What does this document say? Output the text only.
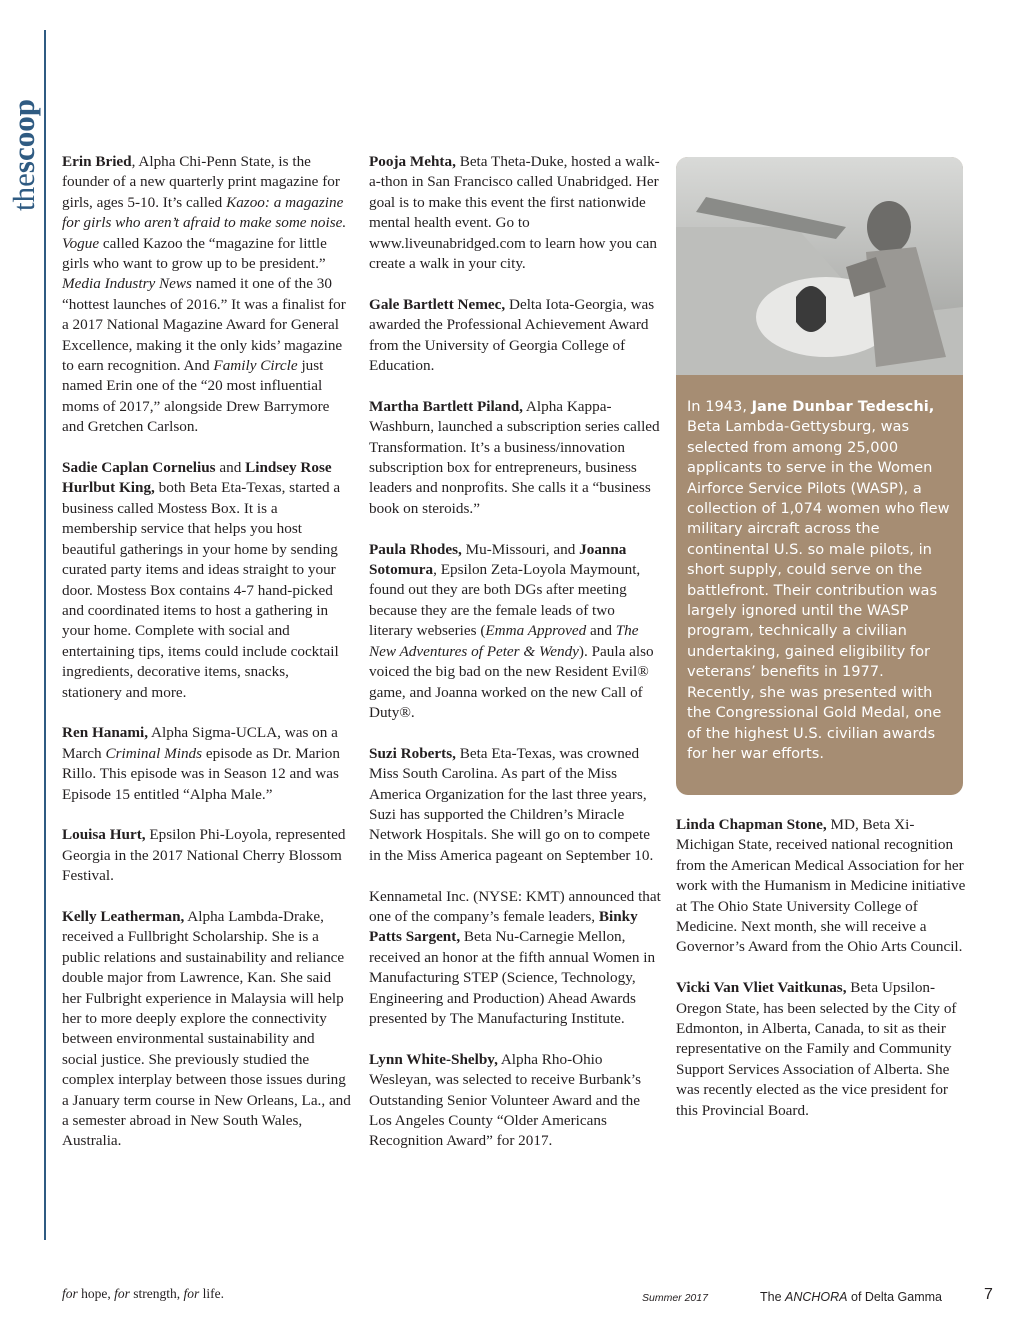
thescoop Erin Bried, Alpha Chi-Penn State, is the founder of a new quarterly print magazine for girls, ages 5-10. It’s called Kazoo: a magazine for girls who aren’t afraid to make some noise. Vogue called Kazoo the “magazine for little girls who want to grow up to be president.” Media Industry News named it one of the 30 “hottest launches of 2016.” It was a finalist for a 2017 National Magazine Award for General Excellence, making it the only kids’ magazine to earn recognition. And Family Circle just named Erin one of the “20 most influential moms of 2017,” alongside Drew Barrymore and Gretchen Carlson.

Sadie Caplan Cornelius and Lindsey Rose Hurlbut King, both Beta Eta-Texas, started a business called Mostess Box. It is a membership service that helps you host beautiful gatherings in your home by sending curated party items and ideas straight to your door. Mostess Box contains 4-7 hand-picked and coordinated items to host a gathering in your home. Complete with social and entertaining tips, items could include cocktail ingredients, decorative items, snacks, stationery and more.

Ren Hanami, Alpha Sigma-UCLA, was on a March Criminal Minds episode as Dr. Marion Rillo. This episode was in Season 12 and was Episode 15 entitled “Alpha Male.”

Louisa Hurt, Epsilon Phi-Loyola, represented Georgia in the 2017 National Cherry Blossom Festival.

Kelly Leatherman, Alpha Lambda-Drake, received a Fullbright Scholarship. She is a public relations and sustainability and reliance double major from Lawrence, Kan. She said her Fulbright experience in Malaysia will help her to more deeply explore the connectivity between environmental sustainability and social justice. She previously studied the complex interplay between those issues during a January term course in New Orleans, La., and a semester abroad in New South Wales, Australia.

Pooja Mehta, Beta Theta-Duke, hosted a walk-a-thon in San Francisco called Unabridged. Her goal is to make this event the first nationwide mental health event. Go to www.liveunabridged.com to learn how you can create a walk in your city.

Gale Bartlett Nemec, Delta Iota-Georgia, was awarded the Professional Achievement Award from the University of Georgia College of Education.

Martha Bartlett Piland, Alpha Kappa-Washburn, launched a subscription series called Transformation. It’s a business/innovation subscription box for entrepreneurs, business leaders and nonprofits. She calls it a “business book on steroids.”

Paula Rhodes, Mu-Missouri, and Joanna Sotomura, Epsilon Zeta-Loyola Maymount, found out they are both DGs after meeting because they are the female leads of two literary webseries (Emma Approved and The New Adventures of Peter & Wendy). Paula also voiced the big bad on the new Resident Evil® game, and Joanna worked on the new Call of Duty®.

Suzi Roberts, Beta Eta-Texas, was crowned Miss South Carolina. As part of the Miss America Organization for the last three years, Suzi has supported the Children’s Miracle Network Hospitals. She will go on to compete in the Miss America pageant on September 10.

Kennametal Inc. (NYSE: KMT) announced that one of the company’s female leaders, Binky Patts Sargent, Beta Nu-Carnegie Mellon, received an honor at the fifth annual Women in Manufacturing STEP (Science, Technology, Engineering and Production) Ahead Awards presented by The Manufacturing Institute.

Lynn White-Shelby, Alpha Rho-Ohio Wesleyan, was selected to receive Burbank’s Outstanding Senior Volunteer Award and the Los Angeles County “Older Americans Recognition Award” for 2017.

In 1943, Jane Dunbar Tedeschi, Beta Lambda-Gettysburg, was selected from among 25,000 applicants to serve in the Women Airforce Service Pilots (WASP), a collection of 1,074 women who flew military aircraft across the continental U.S. so male pilots, in short supply, could serve on the battlefront. Their contribution was largely ignored until the WASP program, technically a civilian undertaking, gained eligibility for veterans’ benefits in 1977. Recently, she was presented with the Congressional Gold Medal, one of the highest U.S. civilian awards for her war efforts.

Linda Chapman Stone, MD, Beta Xi-Michigan State, received national recognition from the American Medical Association for her work with the Humanism in Medicine initiative at The Ohio State University College of Medicine. Next month, she will receive a Governor’s Award from the Ohio Arts Council.

Vicki Van Vliet Vaitkunas, Beta Upsilon-Oregon State, has been selected by the City of Edmonton, in Alberta, Canada, to sit as their representative on the Family and Community Support Services Association of Alberta. She was recently elected as the vice president for this Provincial Board.

for hope, for strength, for life.	Summer 2017	The ANCHORA of Delta Gamma	7
